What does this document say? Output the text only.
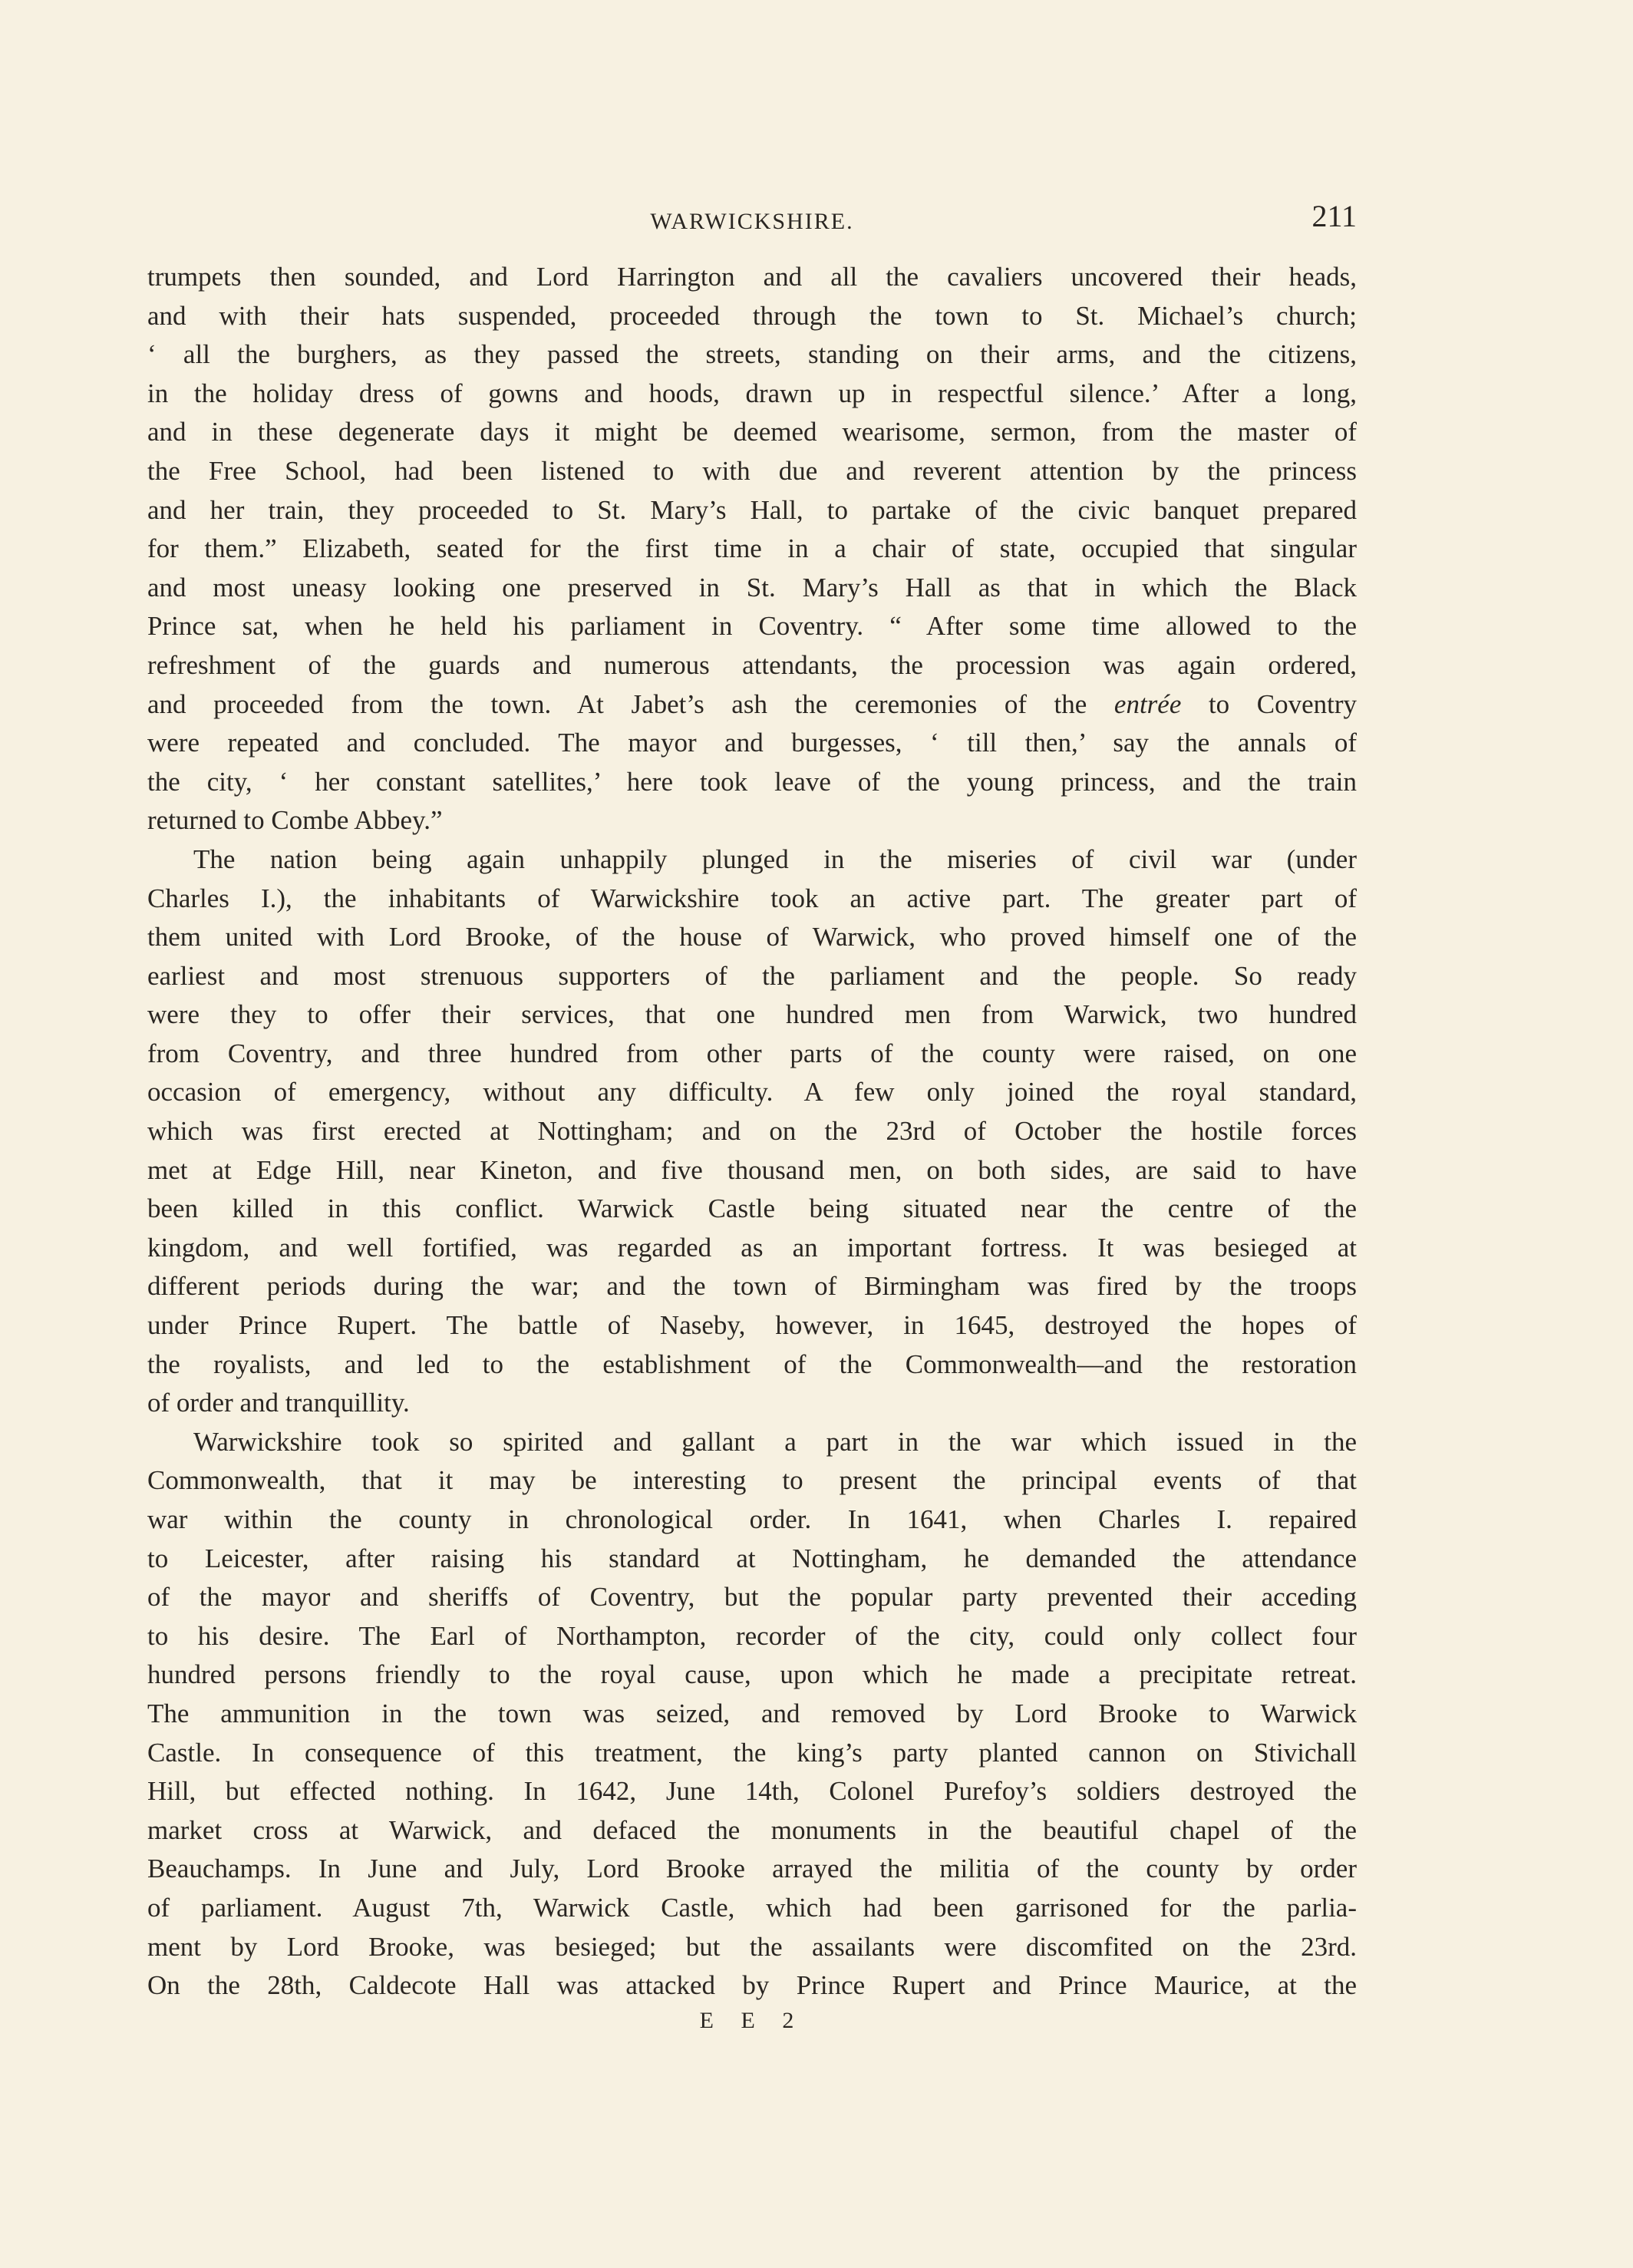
WARWICKSHIRE.	211
trumpets then sounded, and Lord Harrington and all the cavaliers uncovered their heads,
and with their hats suspended, proceeded through the town to St. Michael’s church;
‘ all the burghers, as they passed the streets, standing on their arms, and the citizens,
in the holiday dress of gowns and hoods, drawn up in respectful silence.’ After a long,
and in these degenerate days it might be deemed wearisome, sermon, from the master of
the Free School, had been listened to with due and reverent attention by the princess
and her train, they proceeded to St. Mary’s Hall, to partake of the civic banquet prepared
for them.” Elizabeth, seated for the first time in a chair of state, occupied that singular
and most uneasy looking one preserved in St. Mary’s Hall as that in which the Black
Prince sat, when he held his parliament in Coventry. “ After some time allowed to the
refreshment of the guards and numerous attendants, the procession was again ordered,
and proceeded from the town. At Jabet’s ash the ceremonies of the entrée to Coventry
were repeated and concluded. The mayor and burgesses, ‘ till then,’ say the annals of
the city, ‘ her constant satellites,’ here took leave of the young princess, and the train
returned to Combe Abbey.”
The nation being again unhappily plunged in the miseries of civil war (under
Charles I.), the inhabitants of Warwickshire took an active part. The greater part of
them united with Lord Brooke, of the house of Warwick, who proved himself one of the
earliest and most strenuous supporters of the parliament and the people. So ready
were they to offer their services, that one hundred men from Warwick, two hundred
from Coventry, and three hundred from other parts of the county were raised, on one
occasion of emergency, without any difficulty. A few only joined the royal standard,
which was first erected at Nottingham; and on the 23rd of October the hostile forces
met at Edge Hill, near Kineton, and five thousand men, on both sides, are said to have
been killed in this conflict. Warwick Castle being situated near the centre of the
kingdom, and well fortified, was regarded as an important fortress. It was besieged at
different periods during the war; and the town of Birmingham was fired by the troops
under Prince Rupert. The battle of Naseby, however, in 1645, destroyed the hopes of
the royalists, and led to the establishment of the Commonwealth—and the restoration
of order and tranquillity.
Warwickshire took so spirited and gallant a part in the war which issued in the
Commonwealth, that it may be interesting to present the principal events of that
war within the county in chronological order. In 1641, when Charles I. repaired
to Leicester, after raising his standard at Nottingham, he demanded the attendance
of the mayor and sheriffs of Coventry, but the popular party prevented their acceding
to his desire. The Earl of Northampton, recorder of the city, could only collect four
hundred persons friendly to the royal cause, upon which he made a precipitate retreat.
The ammunition in the town was seized, and removed by Lord Brooke to Warwick
Castle. In consequence of this treatment, the king’s party planted cannon on Stivichall
Hill, but effected nothing. In 1642, June 14th, Colonel Purefoy’s soldiers destroyed the
market cross at Warwick, and defaced the monuments in the beautiful chapel of the
Beauchamps. In June and July, Lord Brooke arrayed the militia of the county by order
of parliament. August 7th, Warwick Castle, which had been garrisoned for the parlia-
ment by Lord Brooke, was besieged; but the assailants were discomfited on the 23rd.
On the 28th, Caldecote Hall was attacked by Prince Rupert and Prince Maurice, at the
E E 2
